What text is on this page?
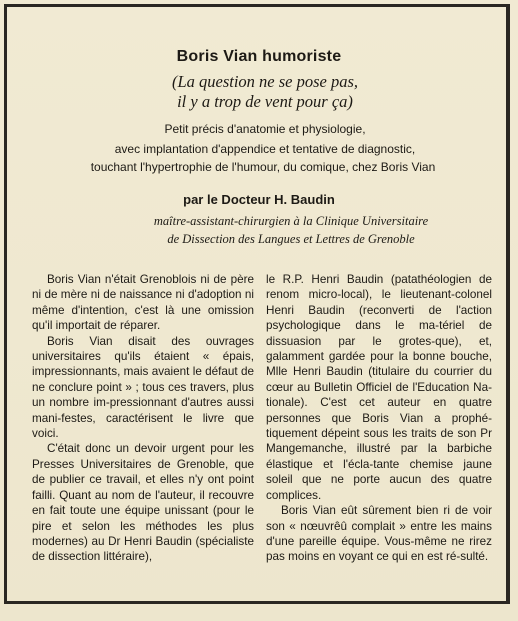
Boris Vian humoriste
(La question ne se pose pas,
il y a trop de vent pour ça)
Petit précis d'anatomie et physiologie,
avec implantation d'appendice et tentative de diagnostic,
touchant l'hypertrophie de l'humour, du comique, chez Boris Vian
par le Docteur H. Baudin
maître-assistant-chirurgien à la Clinique Universitaire
de Dissection des Langues et Lettres de Grenoble

Boris Vian n'était Grenoblois ni de père ni de mère ni de naissance ni d'adoption ni même d'intention, c'est là une omission qu'il importait de réparer.

Boris Vian disait des ouvrages universitaires qu'ils étaient « épais, impressionnants, mais avaient le défaut de ne conclure point » ; tous ces travers, plus un nombre im-pressionnant d'autres aussi mani-festes, caractérisent le livre que voici.

C'était donc un devoir urgent pour les Presses Universitaires de Grenoble, que de publier ce travail, et elles n'y ont point failli. Quant au nom de l'auteur, il recouvre en fait toute une équipe unissant (pour le pire et selon les méthodes les plus modernes) au Dr Henri Baudin (spécialiste de dissection littéraire),

le R.P. Henri Baudin (patathéologien de renom micro-local), le lieutenant-colonel Henri Baudin (reconverti de l'action psychologique dans le ma-tériel de dissuasion par le grotes-que), et, galamment gardée pour la bonne bouche, Mlle Henri Baudin (titulaire du courrier du cœur au Bulletin Officiel de l'Education Na-tionale). C'est cet auteur en quatre personnes que Boris Vian a prophé-tiquement dépeint sous les traits de son Pr Mangemanche, illustré par la barbiche élastique et l'écla-tante chemise jaune soleil que ne porte aucun des quatre complices.

Boris Vian eût sûrement bien ri de voir son « nœuvrêû complait » entre les mains d'une pareille équipe. Vous-même ne rirez pas moins en voyant ce qui en est ré-sulté.
